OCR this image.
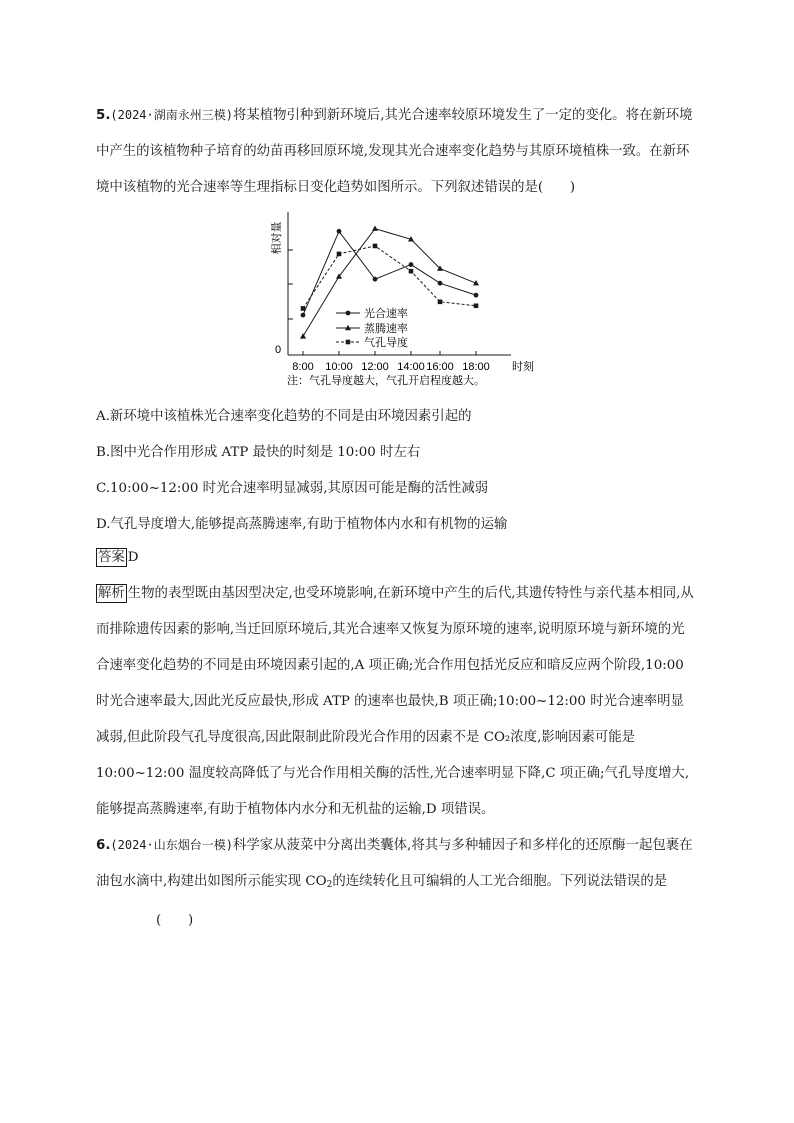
5.(2024·湖南永州三模)将某植物引种到新环境后,其光合速率较原环境发生了一定的变化。将在新环境中产生的该植物种子培育的幼苗再移回原环境,发现其光合速率变化趋势与其原环境植株一致。在新环境中该植物的光合速率等生理指标日变化趋势如图所示。下列叙述错误的是(　　)
0
相对量
时刻
8:00 10:00 12:00 14:00 16:00 18:00
光合速率
蒸腾速率
气孔导度
注：气孔导度越大，气孔开启程度越大。
A.新环境中该植株光合速率变化趋势的不同是由环境因素引起的
B.图中光合作用形成 ATP 最快的时刻是 10:00 时左右
C.10:00~12:00 时光合速率明显减弱,其原因可能是酶的活性减弱
D.气孔导度增大,能够提高蒸腾速率,有助于植物体内水和有机物的运输
答案 D
解析 生物的表型既由基因型决定,也受环境影响,在新环境中产生的后代,其遗传特性与亲代基本相同,从而排除遗传因素的影响,当迁回原环境后,其光合速率又恢复为原环境的速率,说明原环境与新环境的光合速率变化趋势的不同是由环境因素引起的,A 项正确;光合作用包括光反应和暗反应两个阶段,10:00 时光合速率最大,因此光反应最快,形成 ATP 的速率也最快,B 项正确;10:00~12:00 时光合速率明显减弱,但此阶段气孔导度很高,因此限制此阶段光合作用的因素不是 CO₂浓度,影响因素可能是 10:00~12:00 温度较高降低了与光合作用相关酶的活性,光合速率明显下降,C 项正确;气孔导度增大,能够提高蒸腾速率,有助于植物体内水分和无机盐的运输,D 项错误。
6.(2024·山东烟台一模)科学家从菠菜中分离出类囊体,将其与多种辅因子和多样化的还原酶一起包裹在油包水滴中,构建出如图所示能实现 $CO_2$的连续转化且可编辑的人工光合细胞。下列说法错误的是(　　)
